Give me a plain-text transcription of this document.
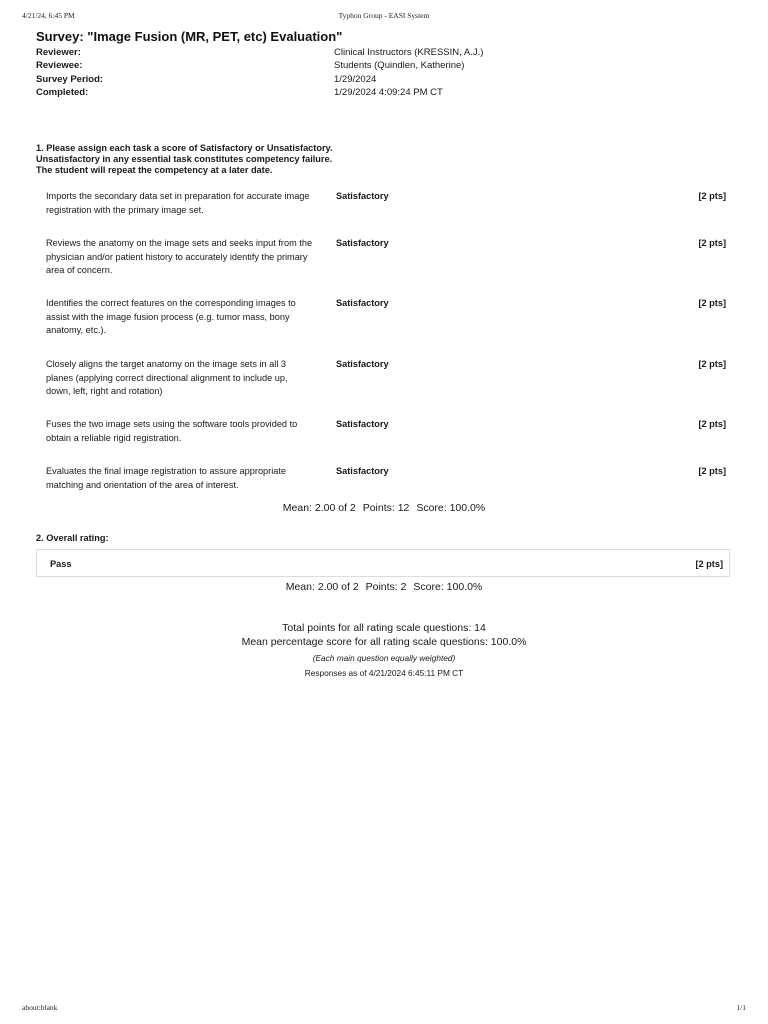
4/21/24, 6:45 PM	Typhon Group - EASI System
Survey: "Image Fusion (MR, PET, etc) Evaluation"
Reviewer:	Clinical Instructors (KRESSIN, A.J.)
Reviewee:	Students (Quindlen, Katherine)
Survey Period:	1/29/2024
Completed:	1/29/2024 4:09:24 PM CT
1. Please assign each task a score of Satisfactory or Unsatisfactory.
Unsatisfactory in any essential task constitutes competency failure.
The student will repeat the competency at a later date.
Imports the secondary data set in preparation for accurate image registration with the primary image set.
Satisfactory	[2 pts]
Reviews the anatomy on the image sets and seeks input from the physician and/or patient history to accurately identify the primary area of concern.
Satisfactory	[2 pts]
Identifies the correct features on the corresponding images to assist with the image fusion process (e.g. tumor mass, bony anatomy, etc.).
Satisfactory	[2 pts]
Closely aligns the target anatomy on the image sets in all 3 planes (applying correct directional alignment to include up, down, left, right and rotation)
Satisfactory	[2 pts]
Fuses the two image sets using the software tools provided to obtain a reliable rigid registration.
Satisfactory	[2 pts]
Evaluates the final image registration to assure appropriate matching and orientation of the area of interest.
Satisfactory	[2 pts]
Mean: 2.00 of 2 Points: 12 Score: 100.0%
2. Overall rating:
Pass	[2 pts]
Mean: 2.00 of 2 Points: 2 Score: 100.0%
Total points for all rating scale questions: 14
Mean percentage score for all rating scale questions: 100.0%
(Each main question equally weighted)
Responses as of 4/21/2024 6:45:11 PM CT
about:blank	1/1
